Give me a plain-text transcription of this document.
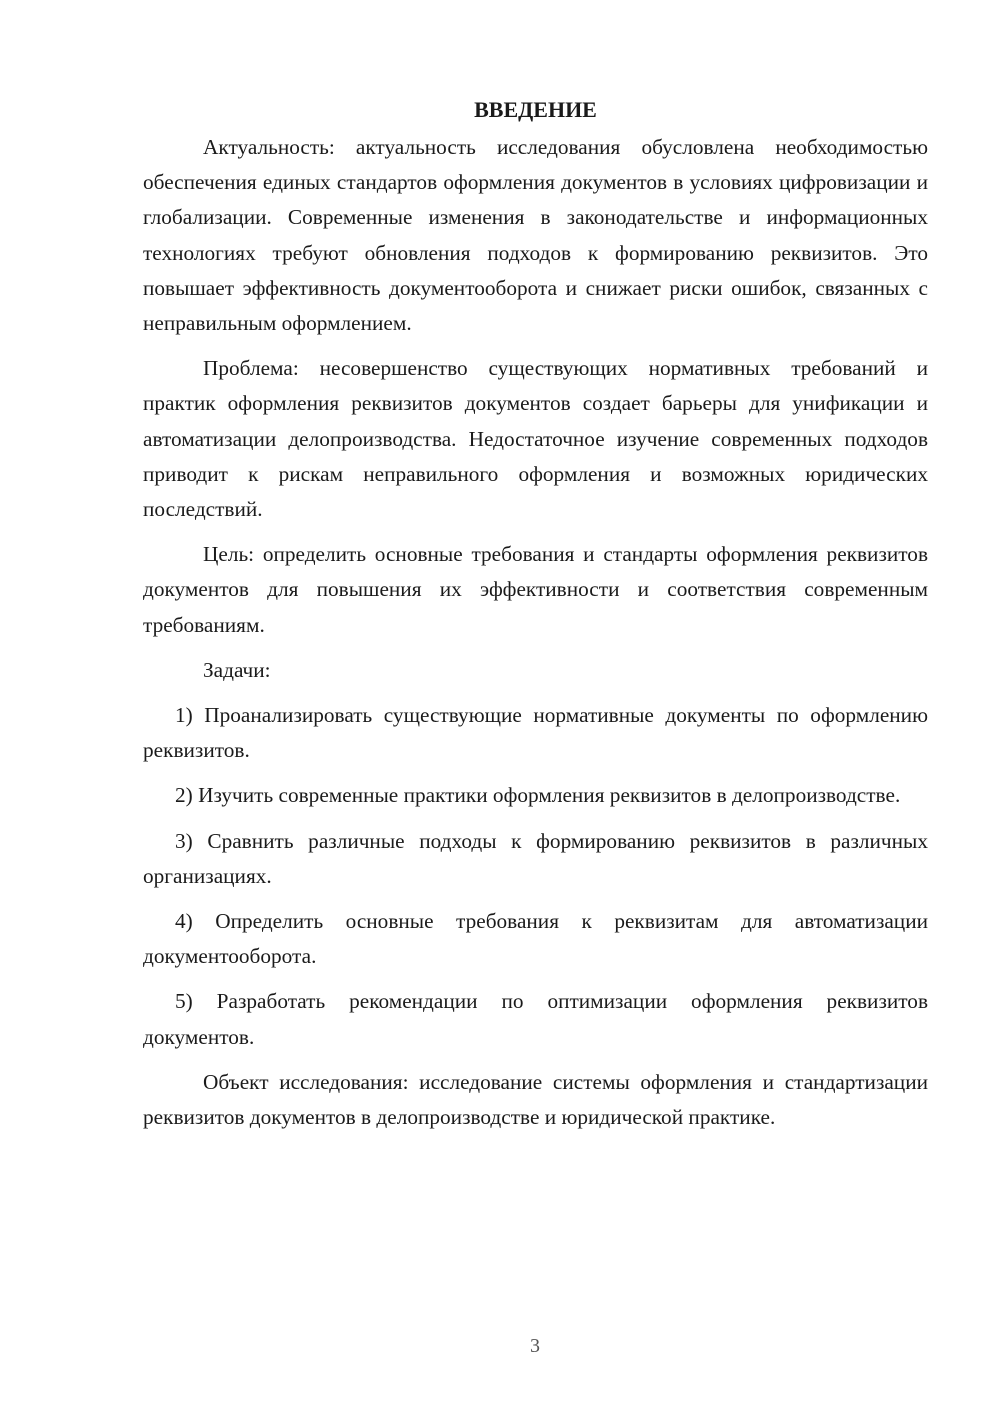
ВВЕДЕНИЕ

Актуальность: актуальность исследования обусловлена необходимостью обеспечения единых стандартов оформления документов в условиях цифровизации и глобализации. Современные изменения в законодательстве и информационных технологиях требуют обновления подходов к формированию реквизитов. Это повышает эффективность документооборота и снижает риски ошибок, связанных с неправильным оформлением.

Проблема: несовершенство существующих нормативных требований и практик оформления реквизитов документов создает барьеры для унификации и автоматизации делопроизводства. Недостаточное изучение современных подходов приводит к рискам неправильного оформления и возможных юридических последствий.

Цель: определить основные требования и стандарты оформления реквизитов документов для повышения их эффективности и соответствия современным требованиям.

Задачи:

1) Проанализировать существующие нормативные документы по оформлению реквизитов.

2) Изучить современные практики оформления реквизитов в делопроизводстве.

3) Сравнить различные подходы к формированию реквизитов в различных организациях.

4) Определить основные требования к реквизитам для автоматизации документооборота.

5) Разработать рекомендации по оптимизации оформления реквизитов документов.

Объект исследования: исследование системы оформления и стандартизации реквизитов документов в делопроизводстве и юридической практике.

3
